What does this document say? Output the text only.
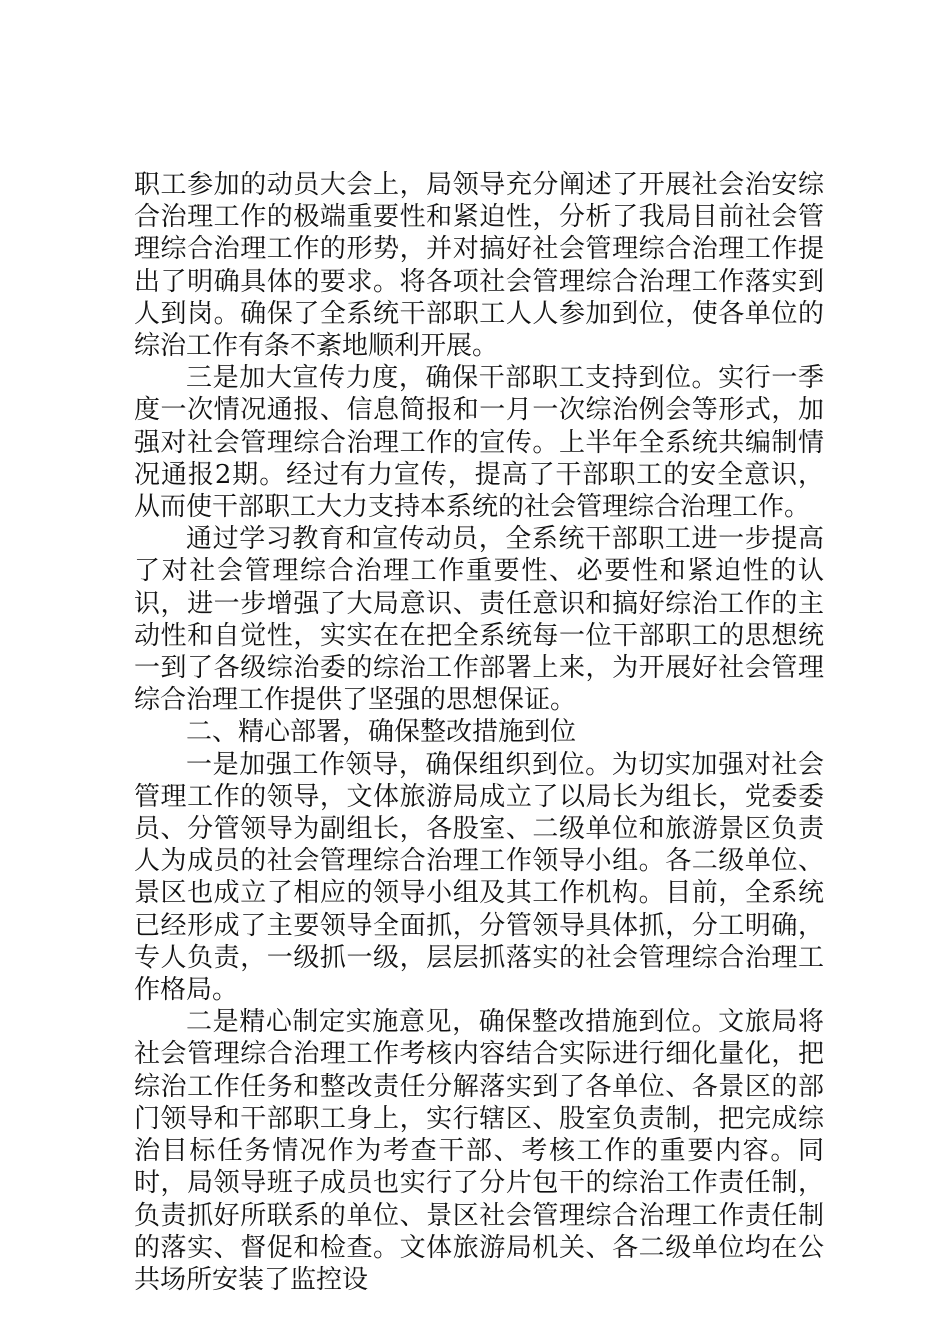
职工参加的动员大会上，局领导充分阐述了开展社会治安综合治理工作的极端重要性和紧迫性，分析了我局目前社会管理综合治理工作的形势，并对搞好社会管理综合治理工作提出了明确具体的要求。将各项社会管理综合治理工作落实到人到岗。确保了全系统干部职工人人参加到位，使各单位的综治工作有条不紊地顺利开展。

三是加大宣传力度，确保干部职工支持到位。实行一季度一次情况通报、信息简报和一月一次综治例会等形式，加强对社会管理综合治理工作的宣传。上半年全系统共编制情况通报2期。经过有力宣传，提高了干部职工的安全意识，从而使干部职工大力支持本系统的社会管理综合治理工作。

通过学习教育和宣传动员，全系统干部职工进一步提高了对社会管理综合治理工作重要性、必要性和紧迫性的认识，进一步增强了大局意识、责任意识和搞好综治工作的主动性和自觉性，实实在在把全系统每一位干部职工的思想统一到了各级综治委的综治工作部署上来，为开展好社会管理综合治理工作提供了坚强的思想保证。

二、精心部署，确保整改措施到位

一是加强工作领导，确保组织到位。为切实加强对社会管理工作的领导，文体旅游局成立了以局长为组长，党委委员、分管领导为副组长，各股室、二级单位和旅游景区负责人为成员的社会管理综合治理工作领导小组。各二级单位、景区也成立了相应的领导小组及其工作机构。目前，全系统已经形成了主要领导全面抓，分管领导具体抓，分工明确，专人负责，一级抓一级，层层抓落实的社会管理综合治理工作格局。

二是精心制定实施意见，确保整改措施到位。文旅局将社会管理综合治理工作考核内容结合实际进行细化量化，把综治工作任务和整改责任分解落实到了各单位、各景区的部门领导和干部职工身上，实行辖区、股室负责制，把完成综治目标任务情况作为考查干部、考核工作的重要内容。同时，局领导班子成员也实行了分片包干的综治工作责任制，负责抓好所联系的单位、景区社会管理综合治理工作责任制的落实、督促和检查。文体旅游局机关、各二级单位均在公共场所安装了监控设
